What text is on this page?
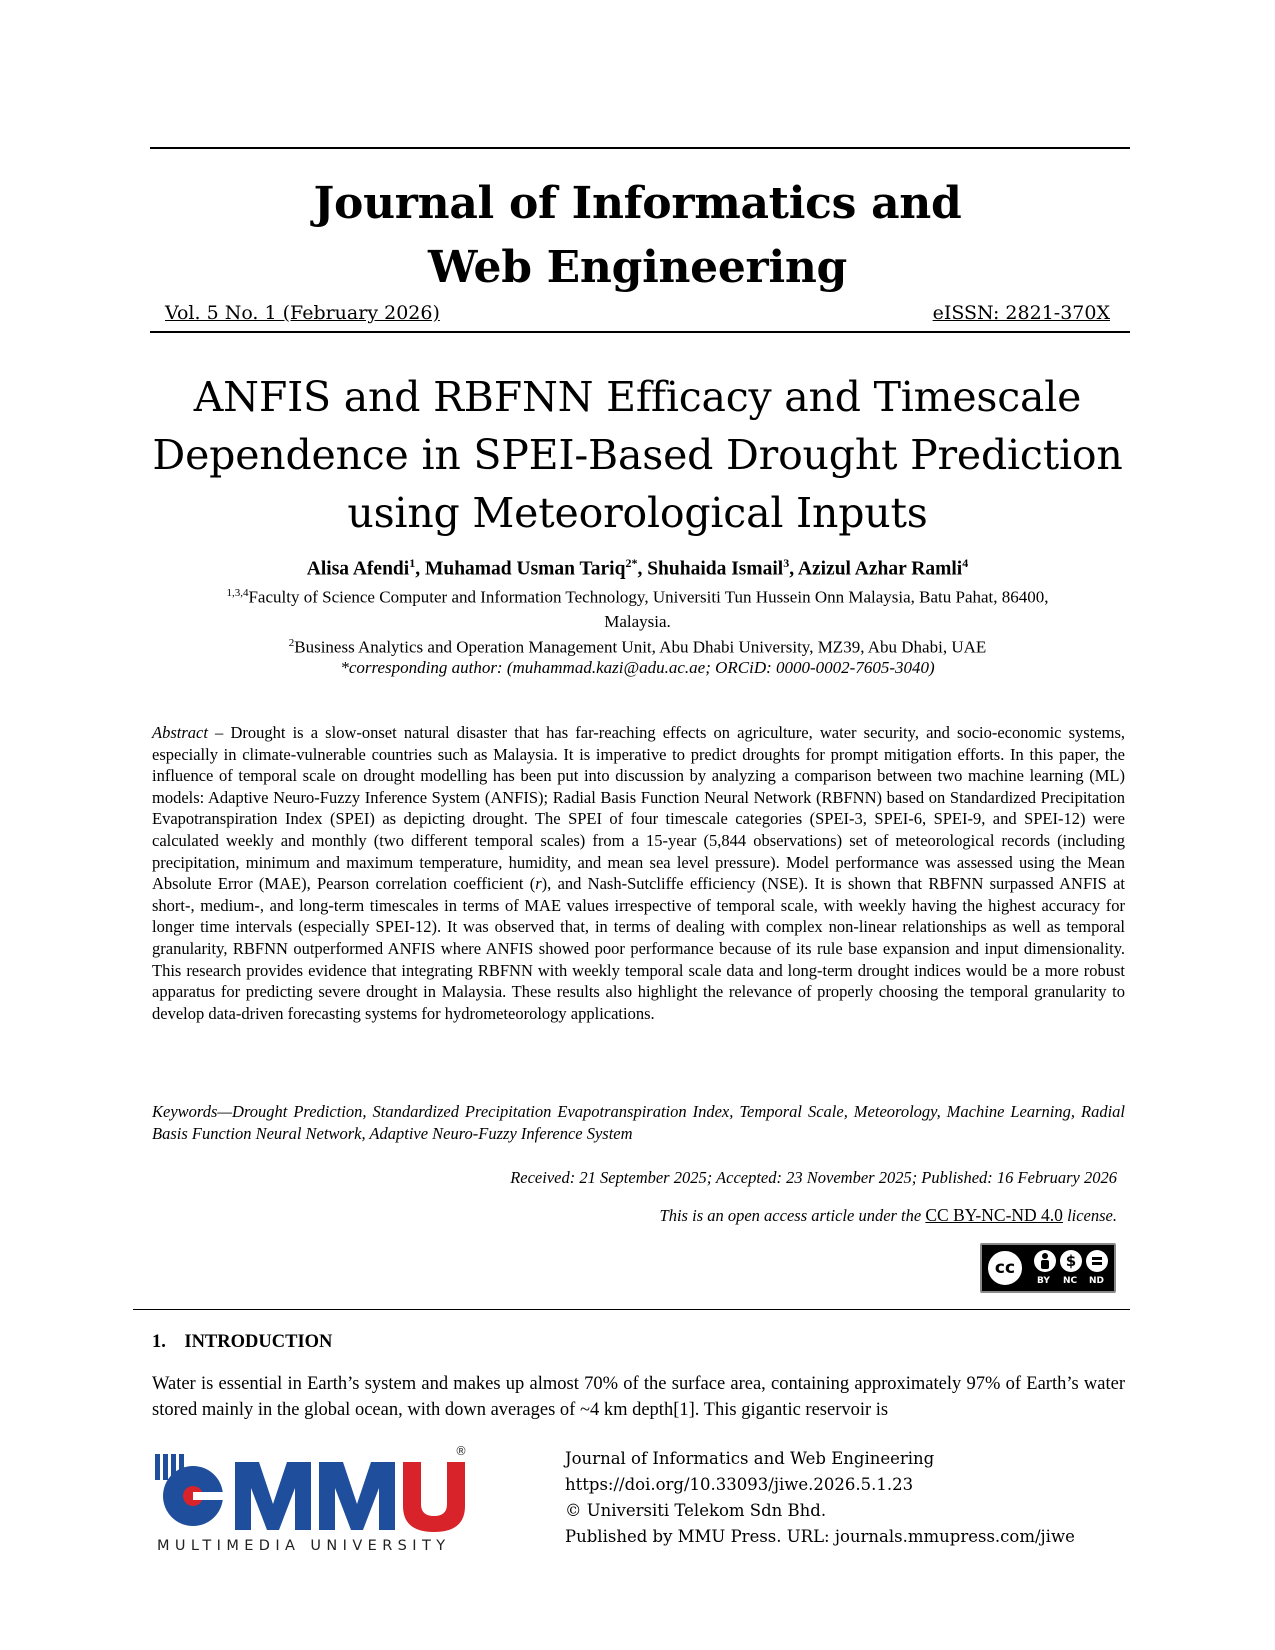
Journal of Informatics and
Web Engineering
Vol. 5 No. 1 (February 2026)	eISSN: 2821-370X
ANFIS and RBFNN Efficacy and Timescale
Dependence in SPEI-Based Drought Prediction
using Meteorological Inputs
Alisa Afendi$^1$, Muhamad Usman Tariq$^{2*}$, Shuhaida Ismail$^3$, Azizul Azhar Ramli$^4$
$^{1,3,4}$Faculty of Science Computer and Information Technology, Universiti Tun Hussein Onn Malaysia, Batu Pahat, 86400,
Malaysia.
$^2$Business Analytics and Operation Management Unit, Abu Dhabi University, MZ39, Abu Dhabi, UAE
*corresponding author: (muhammad.kazi@adu.ac.ae; ORCiD: 0000-0002-7605-3040)
Abstract – Drought is a slow-onset natural disaster that has far-reaching effects on agriculture, water security, and socio-economic systems, especially in climate-vulnerable countries such as Malaysia. It is imperative to predict droughts for prompt mitigation efforts. In this paper, the influence of temporal scale on drought modelling has been put into discussion by analyzing a comparison between two machine learning (ML) models: Adaptive Neuro-Fuzzy Inference System (ANFIS); Radial Basis Function Neural Network (RBFNN) based on Standardized Precipitation Evapotranspiration Index (SPEI) as depicting drought. The SPEI of four timescale categories (SPEI-3, SPEI-6, SPEI-9, and SPEI-12) were calculated weekly and monthly (two different temporal scales) from a 15-year (5,844 observations) set of meteorological records (including precipitation, minimum and maximum temperature, humidity, and mean sea level pressure). Model performance was assessed using the Mean Absolute Error (MAE), Pearson correlation coefficient (r), and Nash-Sutcliffe efficiency (NSE). It is shown that RBFNN surpassed ANFIS at short-, medium-, and long-term timescales in terms of MAE values irrespective of temporal scale, with weekly having the highest accuracy for longer time intervals (especially SPEI-12). It was observed that, in terms of dealing with complex non-linear relationships as well as temporal granularity, RBFNN outperformed ANFIS where ANFIS showed poor performance because of its rule base expansion and input dimensionality. This research provides evidence that integrating RBFNN with weekly temporal scale data and long-term drought indices would be a more robust apparatus for predicting severe drought in Malaysia. These results also highlight the relevance of properly choosing the temporal granularity to develop data-driven forecasting systems for hydrometeorology applications.
Keywords—Drought Prediction, Standardized Precipitation Evapotranspiration Index, Temporal Scale, Meteorology, Machine Learning, Radial Basis Function Neural Network, Adaptive Neuro-Fuzzy Inference System
Received: 21 September 2025; Accepted: 23 November 2025; Published: 16 February 2026
This is an open access article under the CC BY-NC-ND 4.0 license.
cc	$
BY NC ND
1. INTRODUCTION
Water is essential in Earth’s system and makes up almost 70% of the surface area, containing approximately 97% of Earth’s water stored mainly in the global ocean, with down averages of ~4 km depth[1]. This gigantic reservoir is
®
MULTIMEDIA UNIVERSITY
Journal of Informatics and Web Engineering
https://doi.org/10.33093/jiwe.2026.5.1.23
© Universiti Telekom Sdn Bhd.
Published by MMU Press. URL: journals.mmupress.com/jiwe
